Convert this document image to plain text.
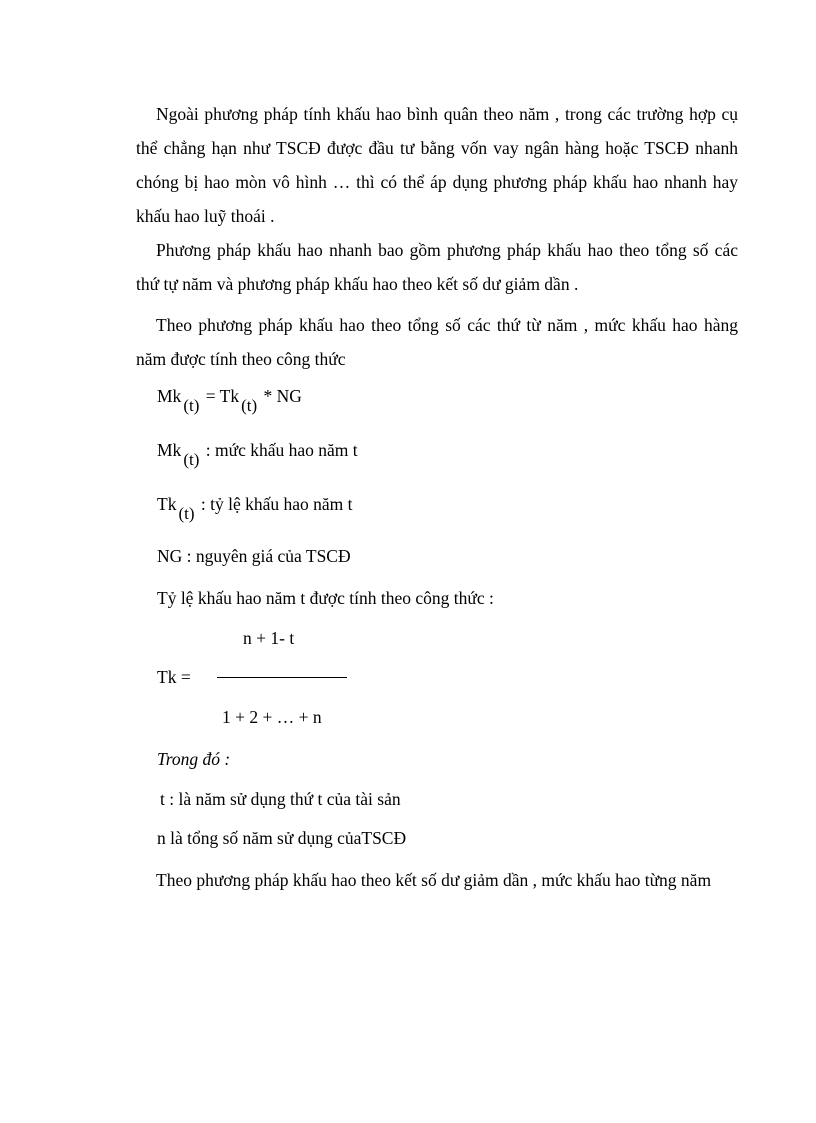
Ngoài phương pháp tính khấu hao bình quân theo năm , trong các trường hợp cụ thể chẳng hạn như TSCĐ được đầu tư bằng vốn vay ngân hàng hoặc TSCĐ nhanh chóng bị hao mòn vô hình … thì có thể áp dụng phương pháp khấu hao nhanh hay khấu hao luỹ thoái .

Phương pháp khấu hao nhanh bao gồm phương pháp khấu hao theo tổng số các thứ tự năm và phương pháp khấu hao theo kết số dư giảm dần .

Theo phương pháp khấu hao theo tổng số các thứ từ năm , mức khấu hao hàng năm được tính theo công thức

Mk (t) = Tk (t) * NG
Mk (t) : mức khấu hao năm t
Tk (t) : tỷ lệ khấu hao năm t
NG : nguyên giá của TSCĐ
Tỷ lệ khấu hao năm t được tính theo công thức :
n + 1- t
Tk =
1 + 2 + … + n
Trong đó :
t : là năm sử dụng thứ t của tài sản
n là tổng số năm sử dụng củaTSCĐ

Theo phương pháp khấu hao theo kết số dư giảm dần , mức khấu hao từng năm
